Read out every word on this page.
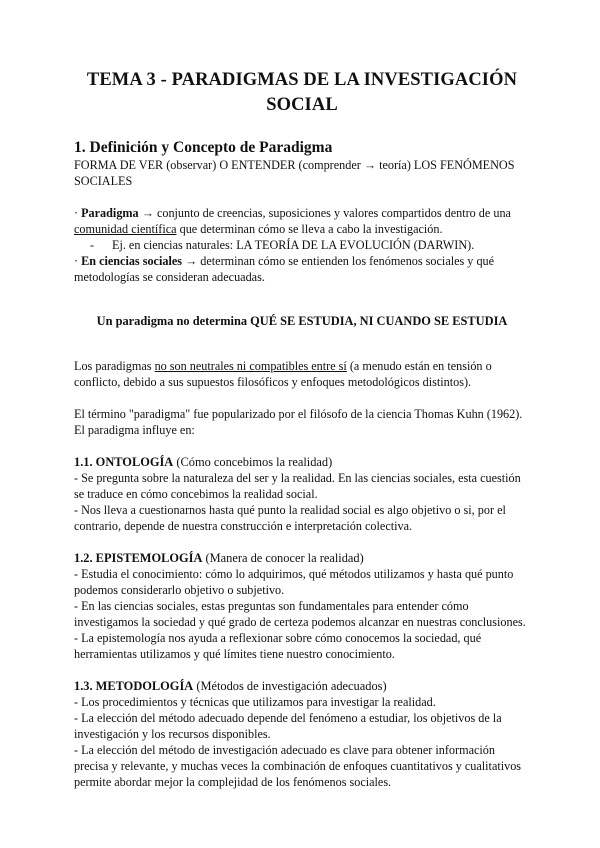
TEMA 3 - PARADIGMAS DE LA INVESTIGACIÓN
SOCIAL

1. Definición y Concepto de Paradigma

FORMA DE VER (observar) O ENTENDER (comprender → teoría) LOS FENÓMENOS SOCIALES

· Paradigma → conjunto de creencias, suposiciones y valores compartidos dentro de una comunidad científica que determinan cómo se lleva a cabo la investigación.

-	Ej. en ciencias naturales: LA TEORÍA DE LA EVOLUCIÓN (DARWIN).

· En ciencias sociales → determinan cómo se entienden los fenómenos sociales y qué metodologías se consideran adecuadas.

Un paradigma no determina QUÉ SE ESTUDIA, NI CUANDO SE ESTUDIA

Los paradigmas no son neutrales ni compatibles entre sí (a menudo están en tensión o conflicto, debido a sus supuestos filosóficos y enfoques metodológicos distintos).

El término "paradigma" fue popularizado por el filósofo de la ciencia Thomas Kuhn (1962).

El paradigma influye en:

1.1. ONTOLOGÍA (Cómo concebimos la realidad)

- Se pregunta sobre la naturaleza del ser y la realidad. En las ciencias sociales, esta cuestión se traduce en cómo concebimos la realidad social.

- Nos lleva a cuestionarnos hasta qué punto la realidad social es algo objetivo o si, por el contrario, depende de nuestra construcción e interpretación colectiva.

1.2. EPISTEMOLOGÍA (Manera de conocer la realidad)

- Estudia el conocimiento: cómo lo adquirimos, qué métodos utilizamos y hasta qué punto podemos considerarlo objetivo o subjetivo.

- En las ciencias sociales, estas preguntas son fundamentales para entender cómo investigamos la sociedad y qué grado de certeza podemos alcanzar en nuestras conclusiones.

- La epistemología nos ayuda a reflexionar sobre cómo conocemos la sociedad, qué herramientas utilizamos y qué límites tiene nuestro conocimiento.

1.3. METODOLOGÍA (Métodos de investigación adecuados)

- Los procedimientos y técnicas que utilizamos para investigar la realidad.

- La elección del método adecuado depende del fenómeno a estudiar, los objetivos de la investigación y los recursos disponibles.

- La elección del método de investigación adecuado es clave para obtener información precisa y relevante, y muchas veces la combinación de enfoques cuantitativos y cualitativos permite abordar mejor la complejidad de los fenómenos sociales.
